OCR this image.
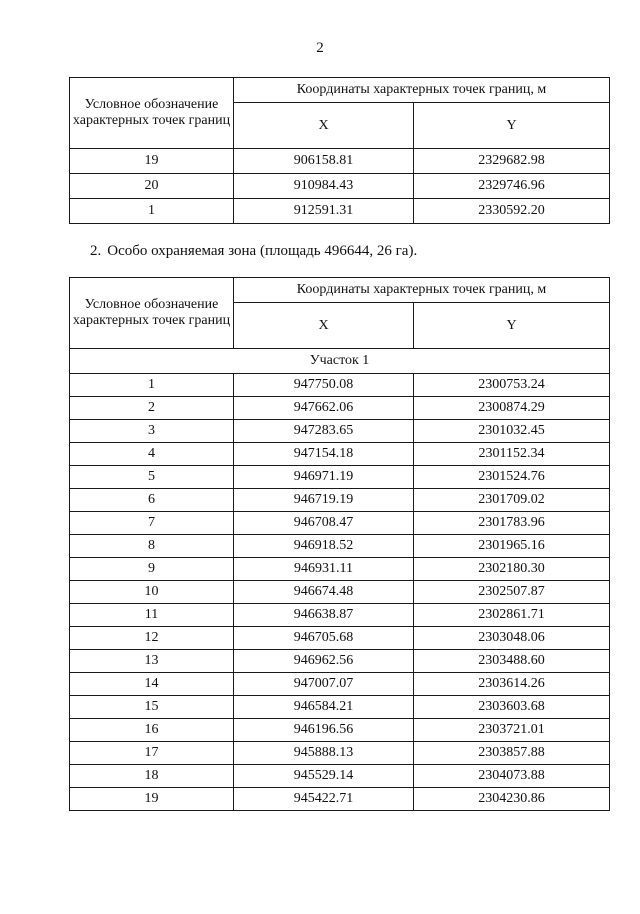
2
Условное обозначение характерных точек границ	Координаты характерных точек границ, м	
	X	Y
19	906158.81	2329682.98
20	910984.43	2329746.96
1	912591.31	2330592.20
2. Особо охраняемая зона (площадь 496644, 26 га).
Условное обозначение характерных точек границ	Координаты характерных точек границ, м	
	X	Y
Участок 1		
1	947750.08	2300753.24
2	947662.06	2300874.29
3	947283.65	2301032.45
4	947154.18	2301152.34
5	946971.19	2301524.76
6	946719.19	2301709.02
7	946708.47	2301783.96
8	946918.52	2301965.16
9	946931.11	2302180.30
10	946674.48	2302507.87
11	946638.87	2302861.71
12	946705.68	2303048.06
13	946962.56	2303488.60
14	947007.07	2303614.26
15	946584.21	2303603.68
16	946196.56	2303721.01
17	945888.13	2303857.88
18	945529.14	2304073.88
19	945422.71	2304230.86
